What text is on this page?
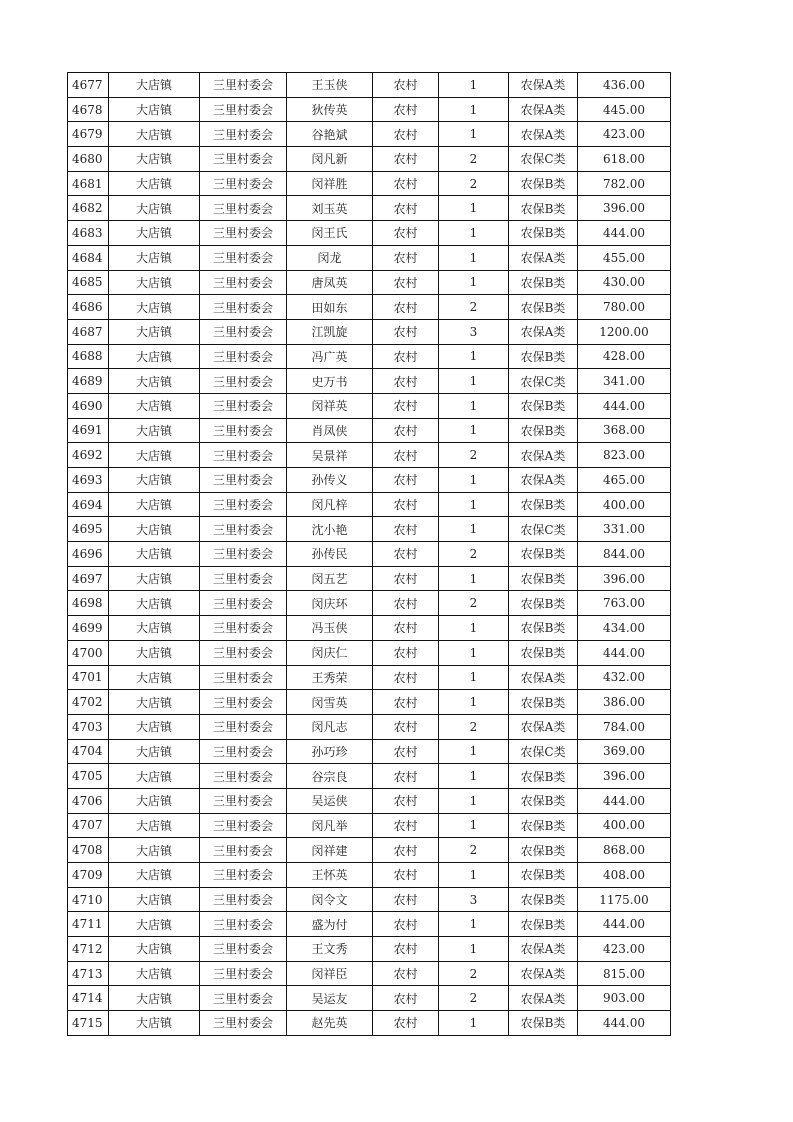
4677	大店镇	三里村委会	王玉侠	农村	1	农保A类	436.00
4678	大店镇	三里村委会	狄传英	农村	1	农保A类	445.00
4679	大店镇	三里村委会	谷艳斌	农村	1	农保A类	423.00
4680	大店镇	三里村委会	闵凡新	农村	2	农保C类	618.00
4681	大店镇	三里村委会	闵祥胜	农村	2	农保B类	782.00
4682	大店镇	三里村委会	刘玉英	农村	1	农保B类	396.00
4683	大店镇	三里村委会	闵王氏	农村	1	农保B类	444.00
4684	大店镇	三里村委会	闵龙	农村	1	农保A类	455.00
4685	大店镇	三里村委会	唐凤英	农村	1	农保B类	430.00
4686	大店镇	三里村委会	田如东	农村	2	农保B类	780.00
4687	大店镇	三里村委会	江凯旋	农村	3	农保A类	1200.00
4688	大店镇	三里村委会	冯广英	农村	1	农保B类	428.00
4689	大店镇	三里村委会	史万书	农村	1	农保C类	341.00
4690	大店镇	三里村委会	闵祥英	农村	1	农保B类	444.00
4691	大店镇	三里村委会	肖凤侠	农村	1	农保B类	368.00
4692	大店镇	三里村委会	吴景祥	农村	2	农保A类	823.00
4693	大店镇	三里村委会	孙传义	农村	1	农保A类	465.00
4694	大店镇	三里村委会	闵凡梓	农村	1	农保B类	400.00
4695	大店镇	三里村委会	沈小艳	农村	1	农保C类	331.00
4696	大店镇	三里村委会	孙传民	农村	2	农保B类	844.00
4697	大店镇	三里村委会	闵五艺	农村	1	农保B类	396.00
4698	大店镇	三里村委会	闵庆环	农村	2	农保B类	763.00
4699	大店镇	三里村委会	冯玉侠	农村	1	农保B类	434.00
4700	大店镇	三里村委会	闵庆仁	农村	1	农保B类	444.00
4701	大店镇	三里村委会	王秀荣	农村	1	农保A类	432.00
4702	大店镇	三里村委会	闵雪英	农村	1	农保B类	386.00
4703	大店镇	三里村委会	闵凡志	农村	2	农保A类	784.00
4704	大店镇	三里村委会	孙巧珍	农村	1	农保C类	369.00
4705	大店镇	三里村委会	谷宗良	农村	1	农保B类	396.00
4706	大店镇	三里村委会	吴运侠	农村	1	农保B类	444.00
4707	大店镇	三里村委会	闵凡举	农村	1	农保B类	400.00
4708	大店镇	三里村委会	闵祥建	农村	2	农保B类	868.00
4709	大店镇	三里村委会	王怀英	农村	1	农保B类	408.00
4710	大店镇	三里村委会	闵令文	农村	3	农保B类	1175.00
4711	大店镇	三里村委会	盛为付	农村	1	农保B类	444.00
4712	大店镇	三里村委会	王文秀	农村	1	农保A类	423.00
4713	大店镇	三里村委会	闵祥臣	农村	2	农保A类	815.00
4714	大店镇	三里村委会	吴运友	农村	2	农保A类	903.00
4715	大店镇	三里村委会	赵先英	农村	1	农保B类	444.00
